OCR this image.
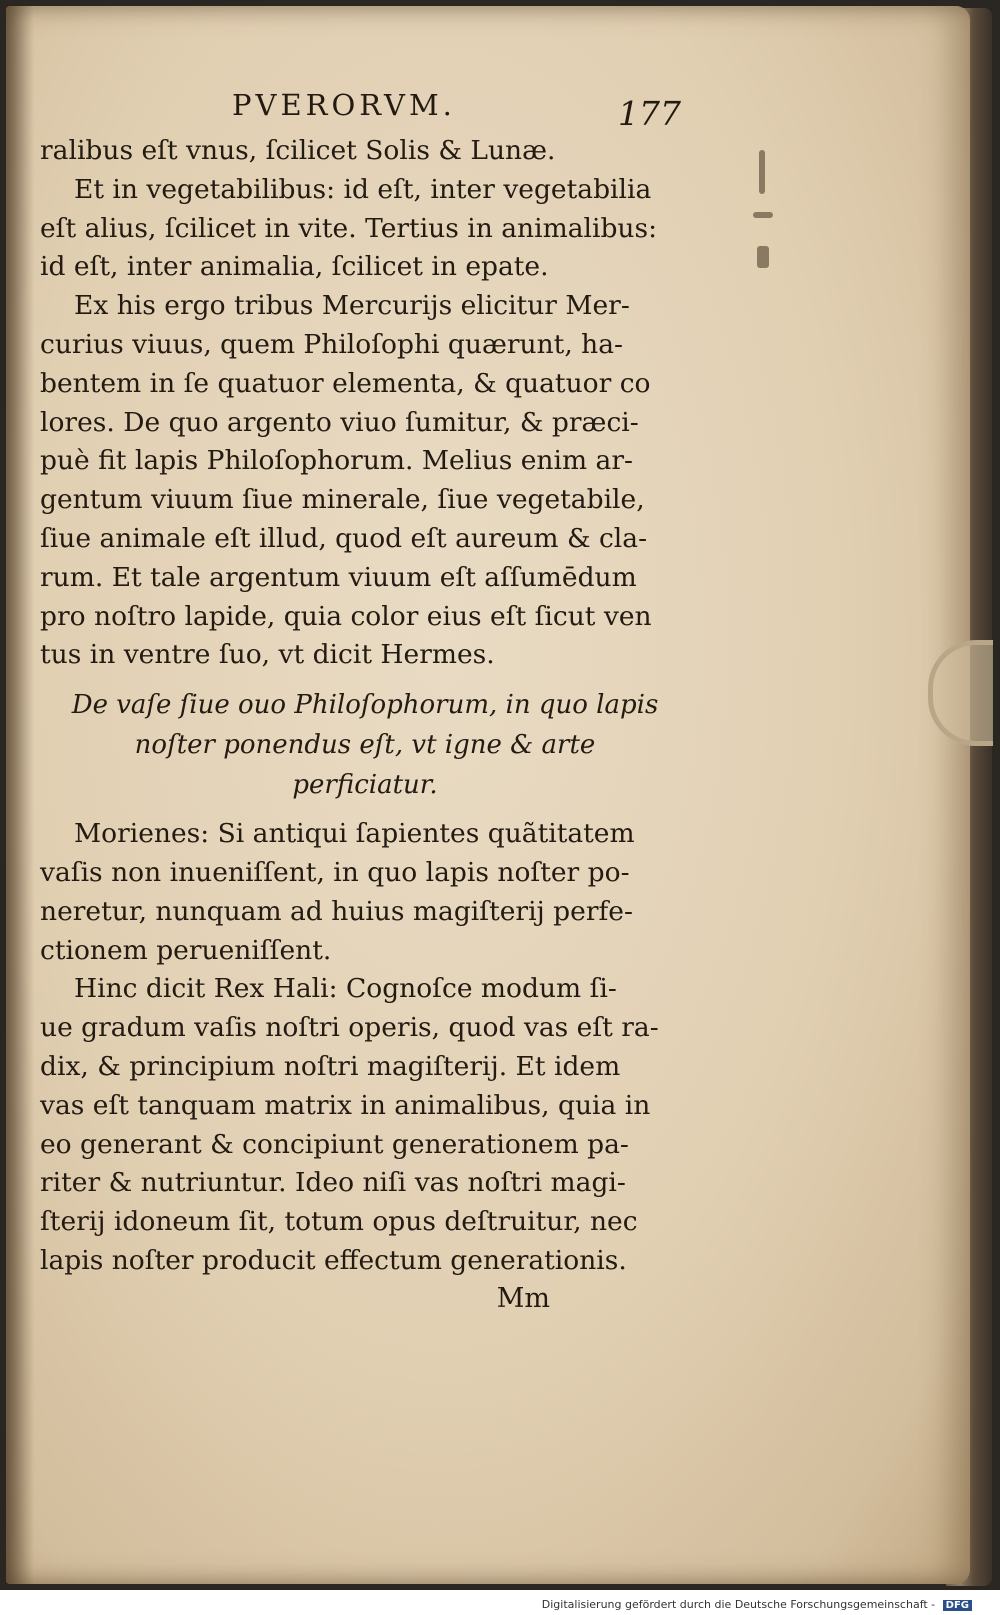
PVERORVM.	177
ralibus eſt vnus, ſcilicet Solis & Lunæ.
Et in vegetabilibus: id eſt, inter vegetabilia
eſt alius, ſcilicet in vite. Tertius in animalibus:
id eſt, inter animalia, ſcilicet in epate.
Ex his ergo tribus Mercurijs elicitur Mer-
curius viuus, quem Philoſophi quærunt, ha-
bentem in ſe quatuor elementa, & quatuor co
lores. De quo argento viuo ſumitur, & præci-
puè fit lapis Philoſophorum. Melius enim ar-
gentum viuum ſiue minerale, ſiue vegetabile,
ſiue animale eſt illud, quod eſt aureum & cla-
rum. Et tale argentum viuum eſt aſſumēdum
pro noſtro lapide, quia color eius eſt ſicut ven
tus in ventre ſuo, vt dicit Hermes.
De vaſe ſiue ouo Philoſophorum, in quo lapis
noſter ponendus eſt, vt igne & arte
perficiatur.
Morienes: Si antiqui ſapientes quãtitatem
vaſis non inueniſſent, in quo lapis noſter po-
neretur, nunquam ad huius magiſterij perfe-
ctionem perueniſſent.
Hinc dicit Rex Hali: Cognoſce modum ſi-
ue gradum vaſis noſtri operis, quod vas eſt ra-
dix, & principium noſtri magiſterij. Et idem
vas eſt tanquam matrix in animalibus, quia in
eo generant & concipiunt generationem pa-
riter & nutriuntur. Ideo niſi vas noſtri magi-
ſterij idoneum ſit, totum opus deſtruitur, nec
lapis noſter producit effectum generationis.
Mm
Digitalisierung gefördert durch die Deutsche Forschungsgemeinschaft - DFG
